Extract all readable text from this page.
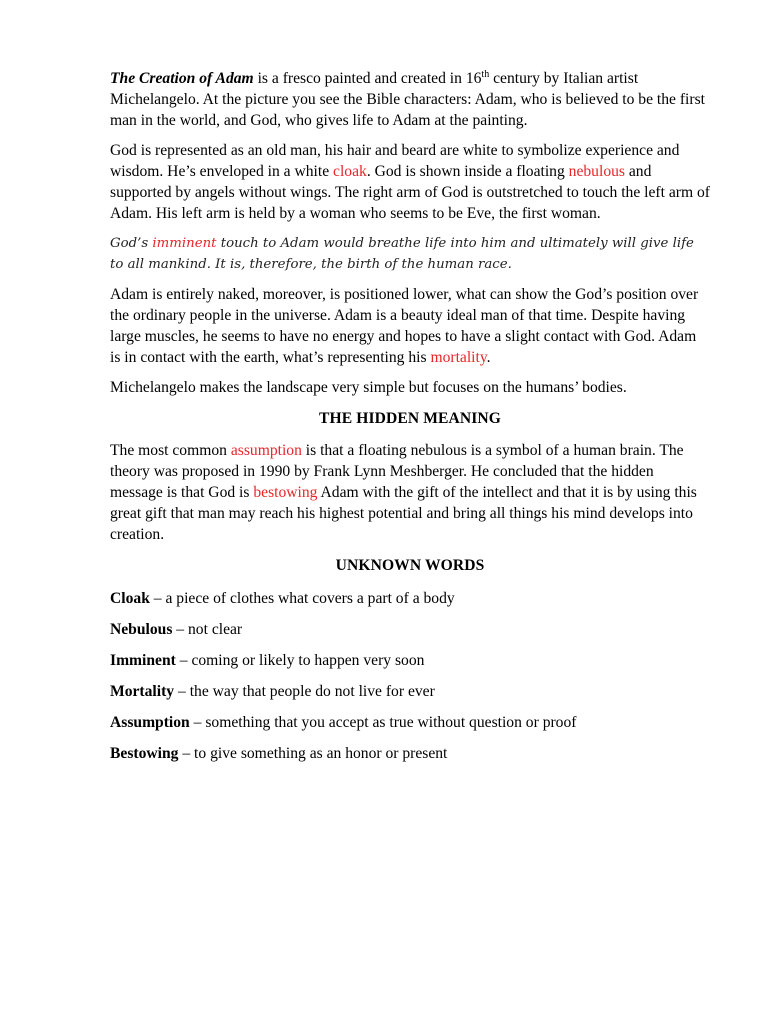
The Creation of Adam is a fresco painted and created in 16th century by Italian artist Michelangelo. At the picture you see the Bible characters: Adam, who is believed to be the first man in the world, and God, who gives life to Adam at the painting.

God is represented as an old man, his hair and beard are white to symbolize experience and wisdom. He’s enveloped in a white cloak. God is shown inside a floating nebulous and supported by angels without wings. The right arm of God is outstretched to touch the left arm of Adam. His left arm is held by a woman who seems to be Eve, the first woman.

God’s imminent touch to Adam would breathe life into him and ultimately will give life to all mankind. It is, therefore, the birth of the human race.

Adam is entirely naked, moreover, is positioned lower, what can show the God’s position over the ordinary people in the universe. Adam is a beauty ideal man of that time. Despite having large muscles, he seems to have no energy and hopes to have a slight contact with God. Adam is in contact with the earth, what’s representing his mortality.

Michelangelo makes the landscape very simple but focuses on the humans’ bodies.

THE HIDDEN MEANING

The most common assumption is that a floating nebulous is a symbol of a human brain. The theory was proposed in 1990 by Frank Lynn Meshberger. He concluded that the hidden message is that God is bestowing Adam with the gift of the intellect and that it is by using this great gift that man may reach his highest potential and bring all things his mind develops into creation.

UNKNOWN WORDS

Cloak – a piece of clothes what covers a part of a body

Nebulous – not clear

Imminent – coming or likely to happen very soon

Mortality – the way that people do not live for ever

Assumption – something that you accept as true without question or proof

Bestowing – to give something as an honor or present
